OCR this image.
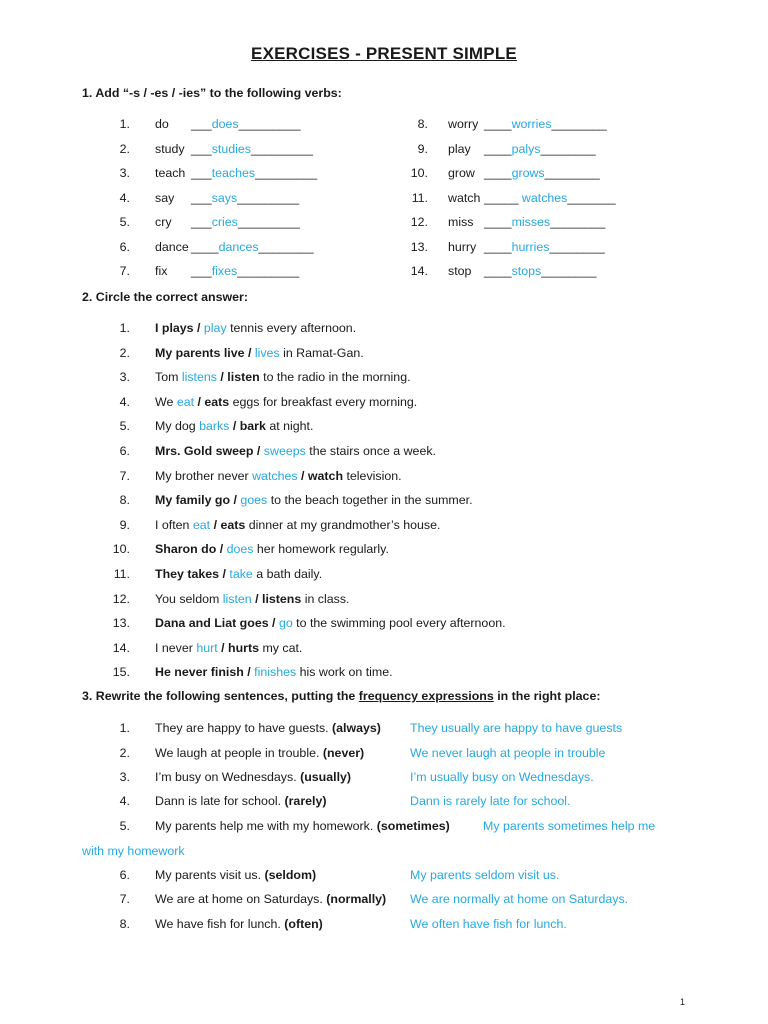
EXERCISES - PRESENT SIMPLE
1. Add “-s / -es / -ies” to the following verbs:
1. do ___does_________
2. study ___studies_________
3. teach ___teaches_________
4. say ___says_________
5. cry ___cries_________
6. dance ____dances________
7. fix ___fixes_________
8. worry ____worries________
9. play ____palys________
10. grow ____grows________
11. watch _____ watches_______
12. miss ____misses________
13. hurry ____hurries________
14. stop ____stops________
2. Circle the correct answer:
1. I plays / play tennis every afternoon.
2. My parents live / lives in Ramat-Gan.
3. Tom listens / listen to the radio in the morning.
4. We eat / eats eggs for breakfast every morning.
5. My dog barks / bark at night.
6. Mrs. Gold sweep / sweeps the stairs once a week.
7. My brother never watches / watch television.
8. My family go / goes to the beach together in the summer.
9. I often eat / eats dinner at my grandmother’s house.
10. Sharon do / does her homework regularly.
11. They takes / take a bath daily.
12. You seldom listen / listens in class.
13. Dana and Liat goes / go to the swimming pool every afternoon.
14. I never hurt / hurts my cat.
15. He never finish / finishes his work on time.
3. Rewrite the following sentences, putting the frequency expressions in the right place:
1. They are happy to have guests. (always) They usually are happy to have guests
2. We laugh at people in trouble. (never)	We never laugh at people in trouble
3. I’m busy on Wednesdays. (usually)	I’m usually busy on Wednesdays.
4. Dann is late for school. (rarely)	Dann is rarely late for school.
5. My parents help me with my homework. (sometimes)	My parents sometimes help me
with my homework
6. My parents visit us. (seldom)	My parents seldom visit us.
7. We are at home on Saturdays. (normally) We are normally at home on Saturdays.
8. We have fish for lunch. (often)	We often have fish for lunch.
1
